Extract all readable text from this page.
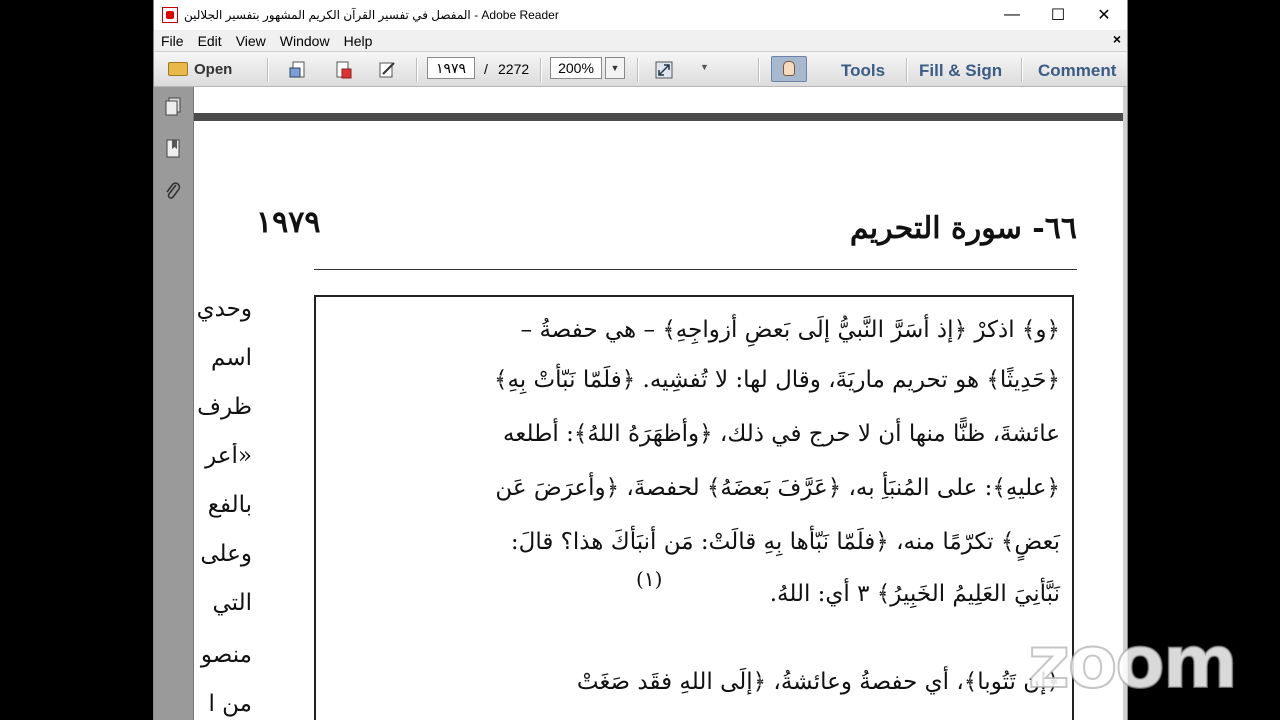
المفصل في تفسير القرآن الكريم المشهور بتفسير الجلالين - Adobe Reader	—	☐	✕
File	Edit	View	Window	Help	×
Open	١٩٧٩	/ 2272	200%	▼	▼	Tools Fill & Sign Comment
١٩٧٩	٦٦- سورة التحريم
وحدي
اسم
ظرف
«أعر
بالفع
وعلى
التي
منصو
من ا
﴿و﴾ اذكرْ ﴿إذ أسَرَّ النَّبيُّ إلَى بَعضِ أزواجِهِ﴾ – هي حفصةُ –
﴿حَدِيثًا﴾ هو تحريم ماريَةَ، وقال لها: لا تُفشِيه. ﴿فلَمّا نَبّأتْ بِهِ﴾
عائشةَ، ظنًّا منها أن لا حرج في ذلك، ﴿وأظهَرَهُ اللهُ﴾: أطلعه
﴿عليهِ﴾: على المُنبَأِ به، ﴿عَرَّفَ بَعضَهُ﴾ لحفصةَ، ﴿وأعرَضَ عَن
بَعضٍ﴾ تكرّمًا منه، ﴿فلَمّا نَبّأها بِهِ قالَتْ: مَن أنبَأكَ هذا؟ قالَ:
نَبَّأنِيَ العَلِيمُ الخَبِيرُ﴾ ٣ أي: اللهُ.
(١)
﴿إن تَتُوبا﴾، أي حفصةُ وعائشةُ، ﴿إلَى اللهِ فقَد صَغَتْ
zoom
